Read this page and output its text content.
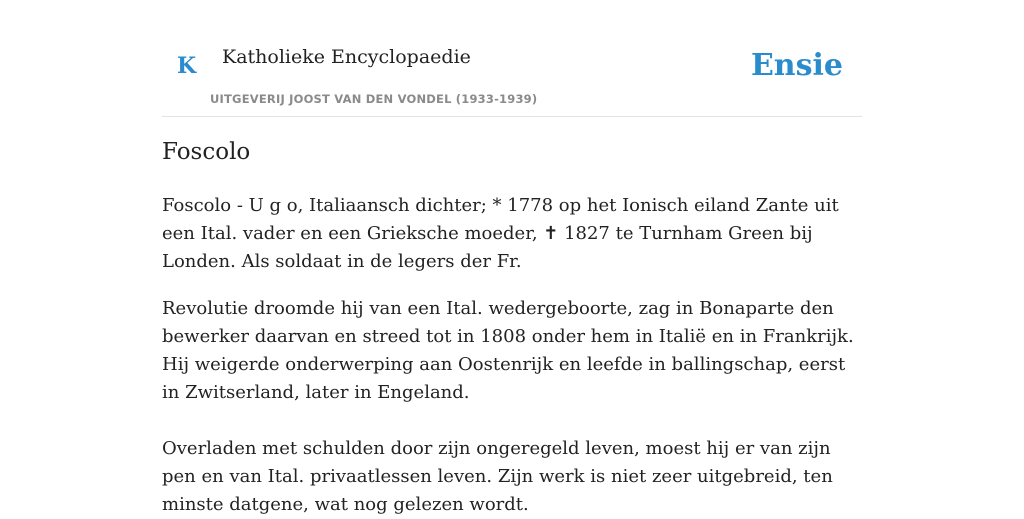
K Katholieke Encyclopaedie
UITGEVERIJ JOOST VAN DEN VONDEL (1933-1939)
Ensie
Foscolo

Foscolo - U g o, Italiaansch dichter; * 1778 op het Ionisch eiland Zante uit een Ital. vader en een Grieksche moeder, ✝ 1827 te Turnham Green bij Londen. Als soldaat in de legers der Fr.

Revolutie droomde hij van een Ital. wedergeboorte, zag in Bonaparte den bewerker daarvan en streed tot in 1808 onder hem in Italië en in Frankrijk. Hij weigerde onderwerping aan Oostenrijk en leefde in ballingschap, eerst in Zwitserland, later in Engeland.

Overladen met schulden door zijn ongeregeld leven, moest hij er van zijn pen en van Ital. privaatlessen leven. Zijn werk is niet zeer uitgebreid, ten minste datgene, wat nog gelezen wordt.
